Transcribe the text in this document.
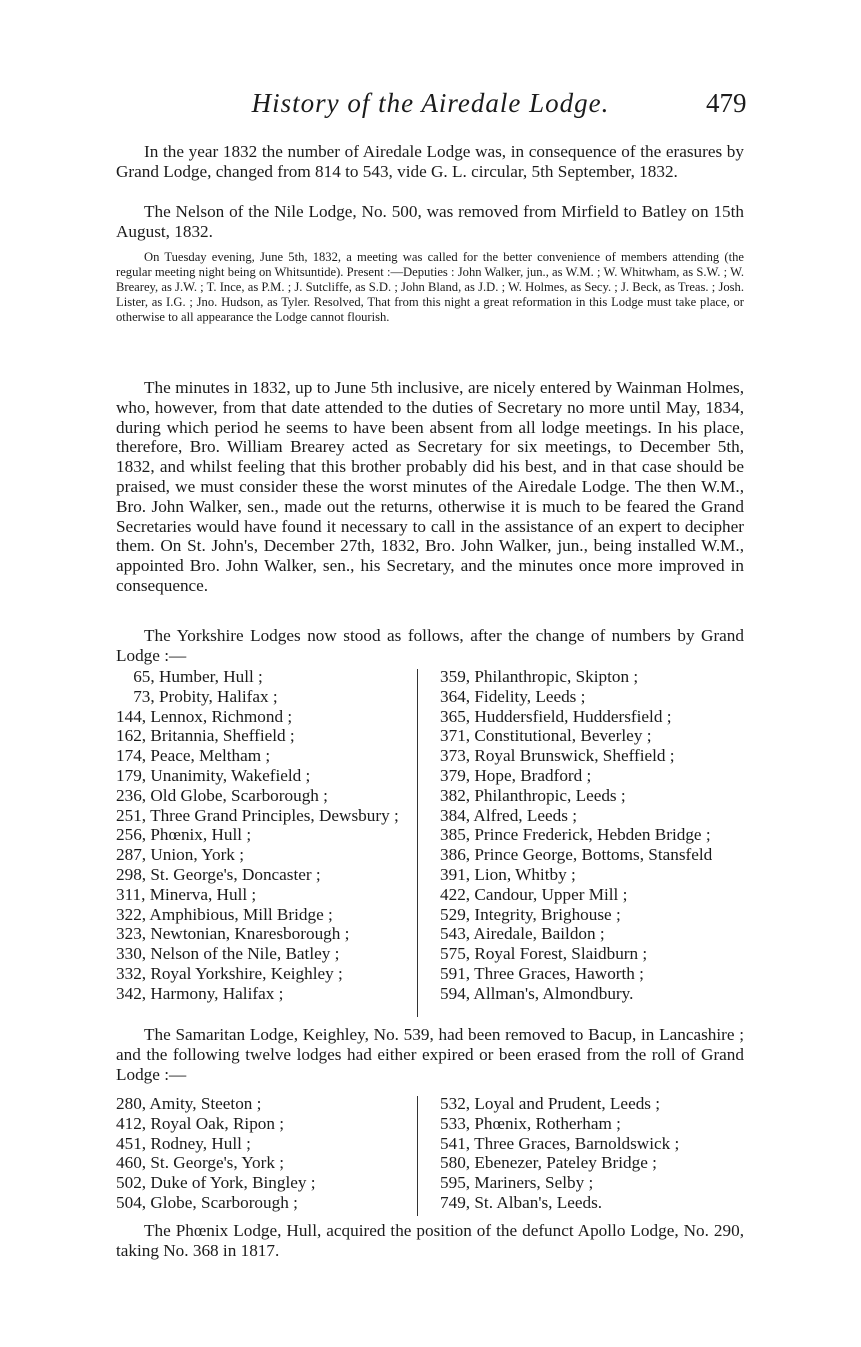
History of the Airedale Lodge.	479

In the year 1832 the number of Airedale Lodge was, in consequence of the erasures by Grand Lodge, changed from 814 to 543, vide G. L. circular, 5th September, 1832.

The Nelson of the Nile Lodge, No. 500, was removed from Mirfield to Batley on 15th August, 1832.

On Tuesday evening, June 5th, 1832, a meeting was called for the better convenience of members attending (the regular meeting night being on Whitsuntide). Present :—Deputies : John Walker, jun., as W.M. ; W. Whitwham, as S.W. ; W. Brearey, as J.W. ; T. Ince, as P.M. ; J. Sutcliffe, as S.D. ; John Bland, as J.D. ; W. Holmes, as Secy. ; J. Beck, as Treas. ; Josh. Lister, as I.G. ; Jno. Hudson, as Tyler. Resolved, That from this night a great reformation in this Lodge must take place, or otherwise to all appearance the Lodge cannot flourish.

The minutes in 1832, up to June 5th inclusive, are nicely entered by Wainman Holmes, who, however, from that date attended to the duties of Secretary no more until May, 1834, during which period he seems to have been absent from all lodge meetings. In his place, therefore, Bro. William Brearey acted as Secretary for six meetings, to December 5th, 1832, and whilst feeling that this brother probably did his best, and in that case should be praised, we must consider these the worst minutes of the Airedale Lodge. The then W.M., Bro. John Walker, sen., made out the returns, otherwise it is much to be feared the Grand Secretaries would have found it necessary to call in the assistance of an expert to decipher them. On St. John's, December 27th, 1832, Bro. John Walker, jun., being installed W.M., appointed Bro. John Walker, sen., his Secretary, and the minutes once more improved in consequence.

The Yorkshire Lodges now stood as follows, after the change of numbers by Grand Lodge :—

  65, Humber, Hull ;
  73, Probity, Halifax ;
144, Lennox, Richmond ;
162, Britannia, Sheffield ;
174, Peace, Meltham ;
179, Unanimity, Wakefield ;
236, Old Globe, Scarborough ;
251, Three Grand Principles, Dewsbury ;
256, Phœnix, Hull ;
287, Union, York ;
298, St. George's, Doncaster ;
311, Minerva, Hull ;
322, Amphibious, Mill Bridge ;
323, Newtonian, Knaresborough ;
330, Nelson of the Nile, Batley ;
332, Royal Yorkshire, Keighley ;
342, Harmony, Halifax ;
359, Philanthropic, Skipton ;
364, Fidelity, Leeds ;
365, Huddersfield, Huddersfield ;
371, Constitutional, Beverley ;
373, Royal Brunswick, Sheffield ;
379, Hope, Bradford ;
382, Philanthropic, Leeds ;
384, Alfred, Leeds ;
385, Prince Frederick, Hebden Bridge ;
386, Prince George, Bottoms, Stansfeld
391, Lion, Whitby ;
422, Candour, Upper Mill ;
529, Integrity, Brighouse ;
543, Airedale, Baildon ;
575, Royal Forest, Slaidburn ;
591, Three Graces, Haworth ;
594, Allman's, Almondbury.

The Samaritan Lodge, Keighley, No. 539, had been removed to Bacup, in Lancashire ; and the following twelve lodges had either expired or been erased from the roll of Grand Lodge :—

280, Amity, Steeton ;
412, Royal Oak, Ripon ;
451, Rodney, Hull ;
460, St. George's, York ;
502, Duke of York, Bingley ;
504, Globe, Scarborough ;
532, Loyal and Prudent, Leeds ;
533, Phœnix, Rotherham ;
541, Three Graces, Barnoldswick ;
580, Ebenezer, Pateley Bridge ;
595, Mariners, Selby ;
749, St. Alban's, Leeds.

The Phœnix Lodge, Hull, acquired the position of the defunct Apollo Lodge, No. 290, taking No. 368 in 1817.
